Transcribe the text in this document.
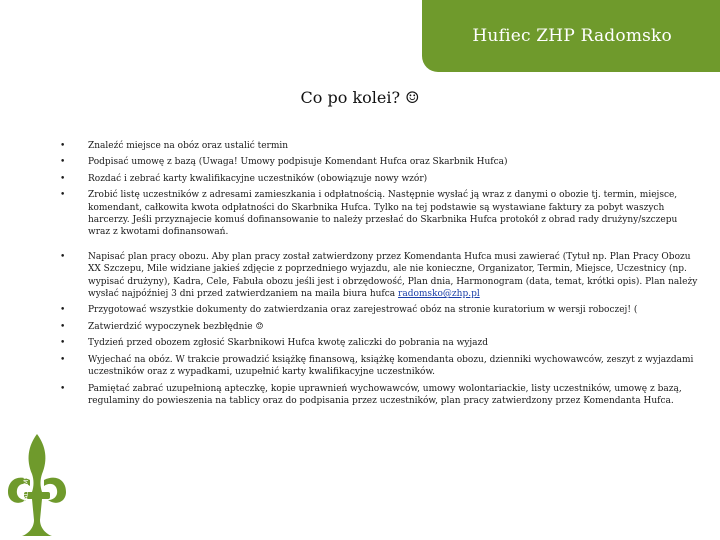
Hufiec ZHP Radomsko
Co po kolei? ☺
•	Znaleźć miejsce na obóz oraz ustalić termin
•	Podpisać umowę z bazą (Uwaga! Umowy podpisuje Komendant Hufca oraz Skarbnik Hufca)
•	Rozdać i zebrać karty kwalifikacyjne uczestników (obowiązuje nowy wzór)
•	Zrobić listę uczestników z adresami zamieszkania i odpłatnością. Następnie wysłać ją wraz z danymi o obozie tj. termin, miejsce, komendant, całkowita kwota odpłatności do Skarbnika Hufca. Tylko na tej podstawie są wystawiane faktury za pobyt waszych harcerzy. Jeśli przyznajecie komuś dofinansowanie to należy przesłać do Skarbnika Hufca protokół z obrad rady drużyny/szczepu wraz z kwotami dofinansowań.
•	Napisać plan pracy obozu. Aby plan pracy został zatwierdzony przez Komendanta Hufca musi zawierać (Tytuł np. Plan Pracy Obozu XX Szczepu, Mile widziane jakieś zdjęcie z poprzedniego wyjazdu, ale nie konieczne, Organizator, Termin, Miejsce, Uczestnicy (np. wypisać drużyny), Kadra, Cele, Fabuła obozu jeśli jest i obrzędowość, Plan dnia, Harmonogram (data, temat, krótki opis). Plan należy wysłać najpóźniej 3 dni przed zatwierdzaniem na maila biura hufca radomsko@zhp.pl
•	Przygotować wszystkie dokumenty do zatwierdzania oraz zarejestrować obóz na stronie kuratorium w wersji roboczej! (
•	Zatwierdzić wypoczynek bezbłędnie ☺
•	Tydzień przed obozem zgłosić Skarbnikowi Hufca kwotę zaliczki do pobrania na wyjazd
•	Wyjechać na obóz. W trakcie prowadzić książkę finansową, książkę komendanta obozu, dzienniki wychowawców, zeszyt z wyjazdami uczestników oraz z wypadkami, uzupełnić karty kwalifikacyjne uczestników.
•	Pamiętać zabrać uzupełnioną apteczkę, kopie uprawnień wychowawców, umowy wolontariackie, listy uczestników, umowę z bazą, regulaminy do powieszenia na tablicy oraz do podpisania przez uczestników, plan pracy zatwierdzony przez Komendanta Hufca.
HUFIEC RADOMSKO
